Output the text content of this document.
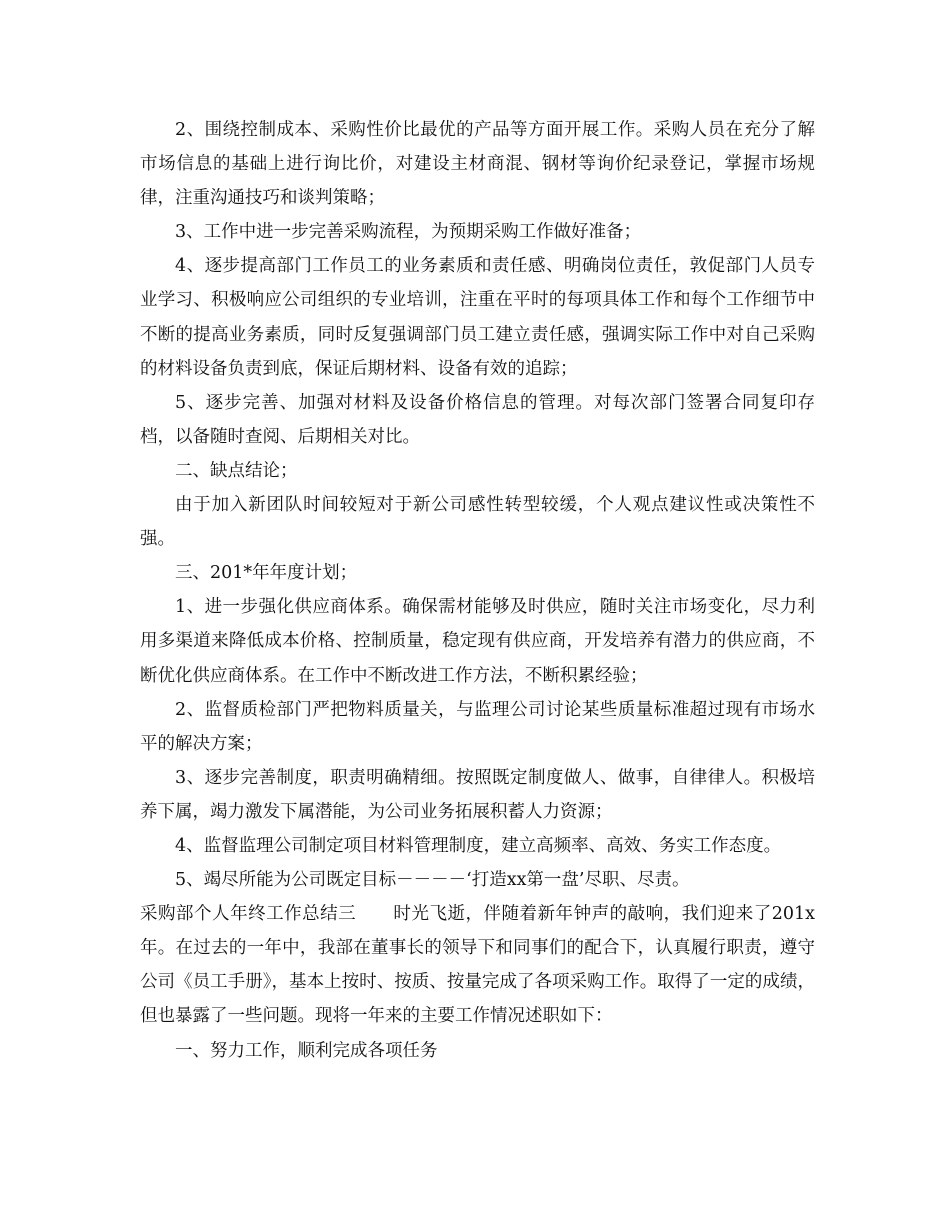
2、围绕控制成本、采购性价比最优的产品等方面开展工作。采购人员在充分了解市场信息的基础上进行询比价，对建设主材商混、钢材等询价纪录登记，掌握市场规律，注重沟通技巧和谈判策略；

3、工作中进一步完善采购流程，为预期采购工作做好准备；

4、逐步提高部门工作员工的业务素质和责任感、明确岗位责任，敦促部门人员专业学习、积极响应公司组织的专业培训，注重在平时的每项具体工作和每个工作细节中不断的提高业务素质，同时反复强调部门员工建立责任感，强调实际工作中对自己采购的材料设备负责到底，保证后期材料、设备有效的追踪；

5、逐步完善、加强对材料及设备价格信息的管理。对每次部门签署合同复印存档，以备随时查阅、后期相关对比。

二、缺点结论；

由于加入新团队时间较短对于新公司感性转型较缓，个人观点建议性或决策性不强。

三、201*年年度计划；

1、进一步强化供应商体系。确保需材能够及时供应，随时关注市场变化，尽力利用多渠道来降低成本价格、控制质量，稳定现有供应商，开发培养有潜力的供应商，不断优化供应商体系。在工作中不断改进工作方法，不断积累经验；

2、监督质检部门严把物料质量关，与监理公司讨论某些质量标准超过现有市场水平的解决方案；

3、逐步完善制度，职责明确精细。按照既定制度做人、做事，自律律人。积极培养下属，竭力激发下属潜能，为公司业务拓展积蓄人力资源；

4、监督监理公司制定项目材料管理制度，建立高频率、高效、务实工作态度。

5、竭尽所能为公司既定目标－－－－‘打造xx第一盘’尽职、尽责。

采购部个人年终工作总结三 时光飞逝，伴随着新年钟声的敲响，我们迎来了201x年。在过去的一年中，我部在董事长的领导下和同事们的配合下，认真履行职责，遵守公司《员工手册》，基本上按时、按质、按量完成了各项采购工作。取得了一定的成绩，但也暴露了一些问题。现将一年来的主要工作情况述职如下：

一、努力工作，顺利完成各项任务
